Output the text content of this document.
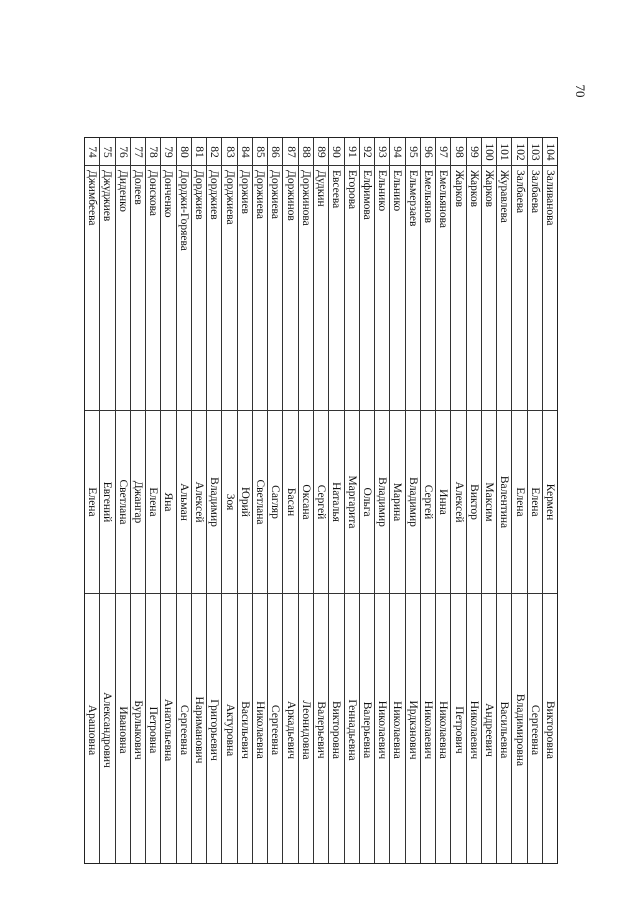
70
74
Джимбеева
Елена
Арашовна
75
Джуджиев
Евгений
Александрович
76
Диденко
Светлана
Ивановна
77
Долеев
Джангар
Бурлыкович
78
Донскова
Елена
Петровна
79
Донченко
Яна
Анатольевна
80
Дорджи-Горяева
Альман
Сергеевна
81
Дорджиев
Алексей
Нариманович
82
Дорджиев
Владимир
Григорьевич
83
Дорджиева
Зоя
Актуровна
84
Доржиев
Юрий
Васильевич
85
Доржиева
Светлана
Николаевна
86
Доржиева
Сагляр
Сергеевна
87
Доржинов
Басан
Аркадьевич
88
Доржинова
Оксана
Леонидовна
89
Дудкин
Сергей
Валерьевич
90
Евсеева
Наталья
Викторовна
91
Егорова
Маргарита
Геннадьевна
92
Елфимова
Ольга
Валерьевна
93
Ельнико
Владимир
Николаевич
94
Ельнико
Марина
Николаевна
95
Ельмерзаев
Владимир
Ирдкзнович
96
Емельянов
Сергей
Николаевич
97
Емельянова
Инна
Николаевна
98
Жарков
Алексей
Петрович
99
Жарков
Виктор
Николаевич
100
Жарков
Максим
Андреевич
101
Журавлева
Валентина
Васильевна
102
Залбаева
Елена
Владимировна
103
Залбаева
Елена
Сергеевна
104
Заливанова
Кермен
Викторовна
